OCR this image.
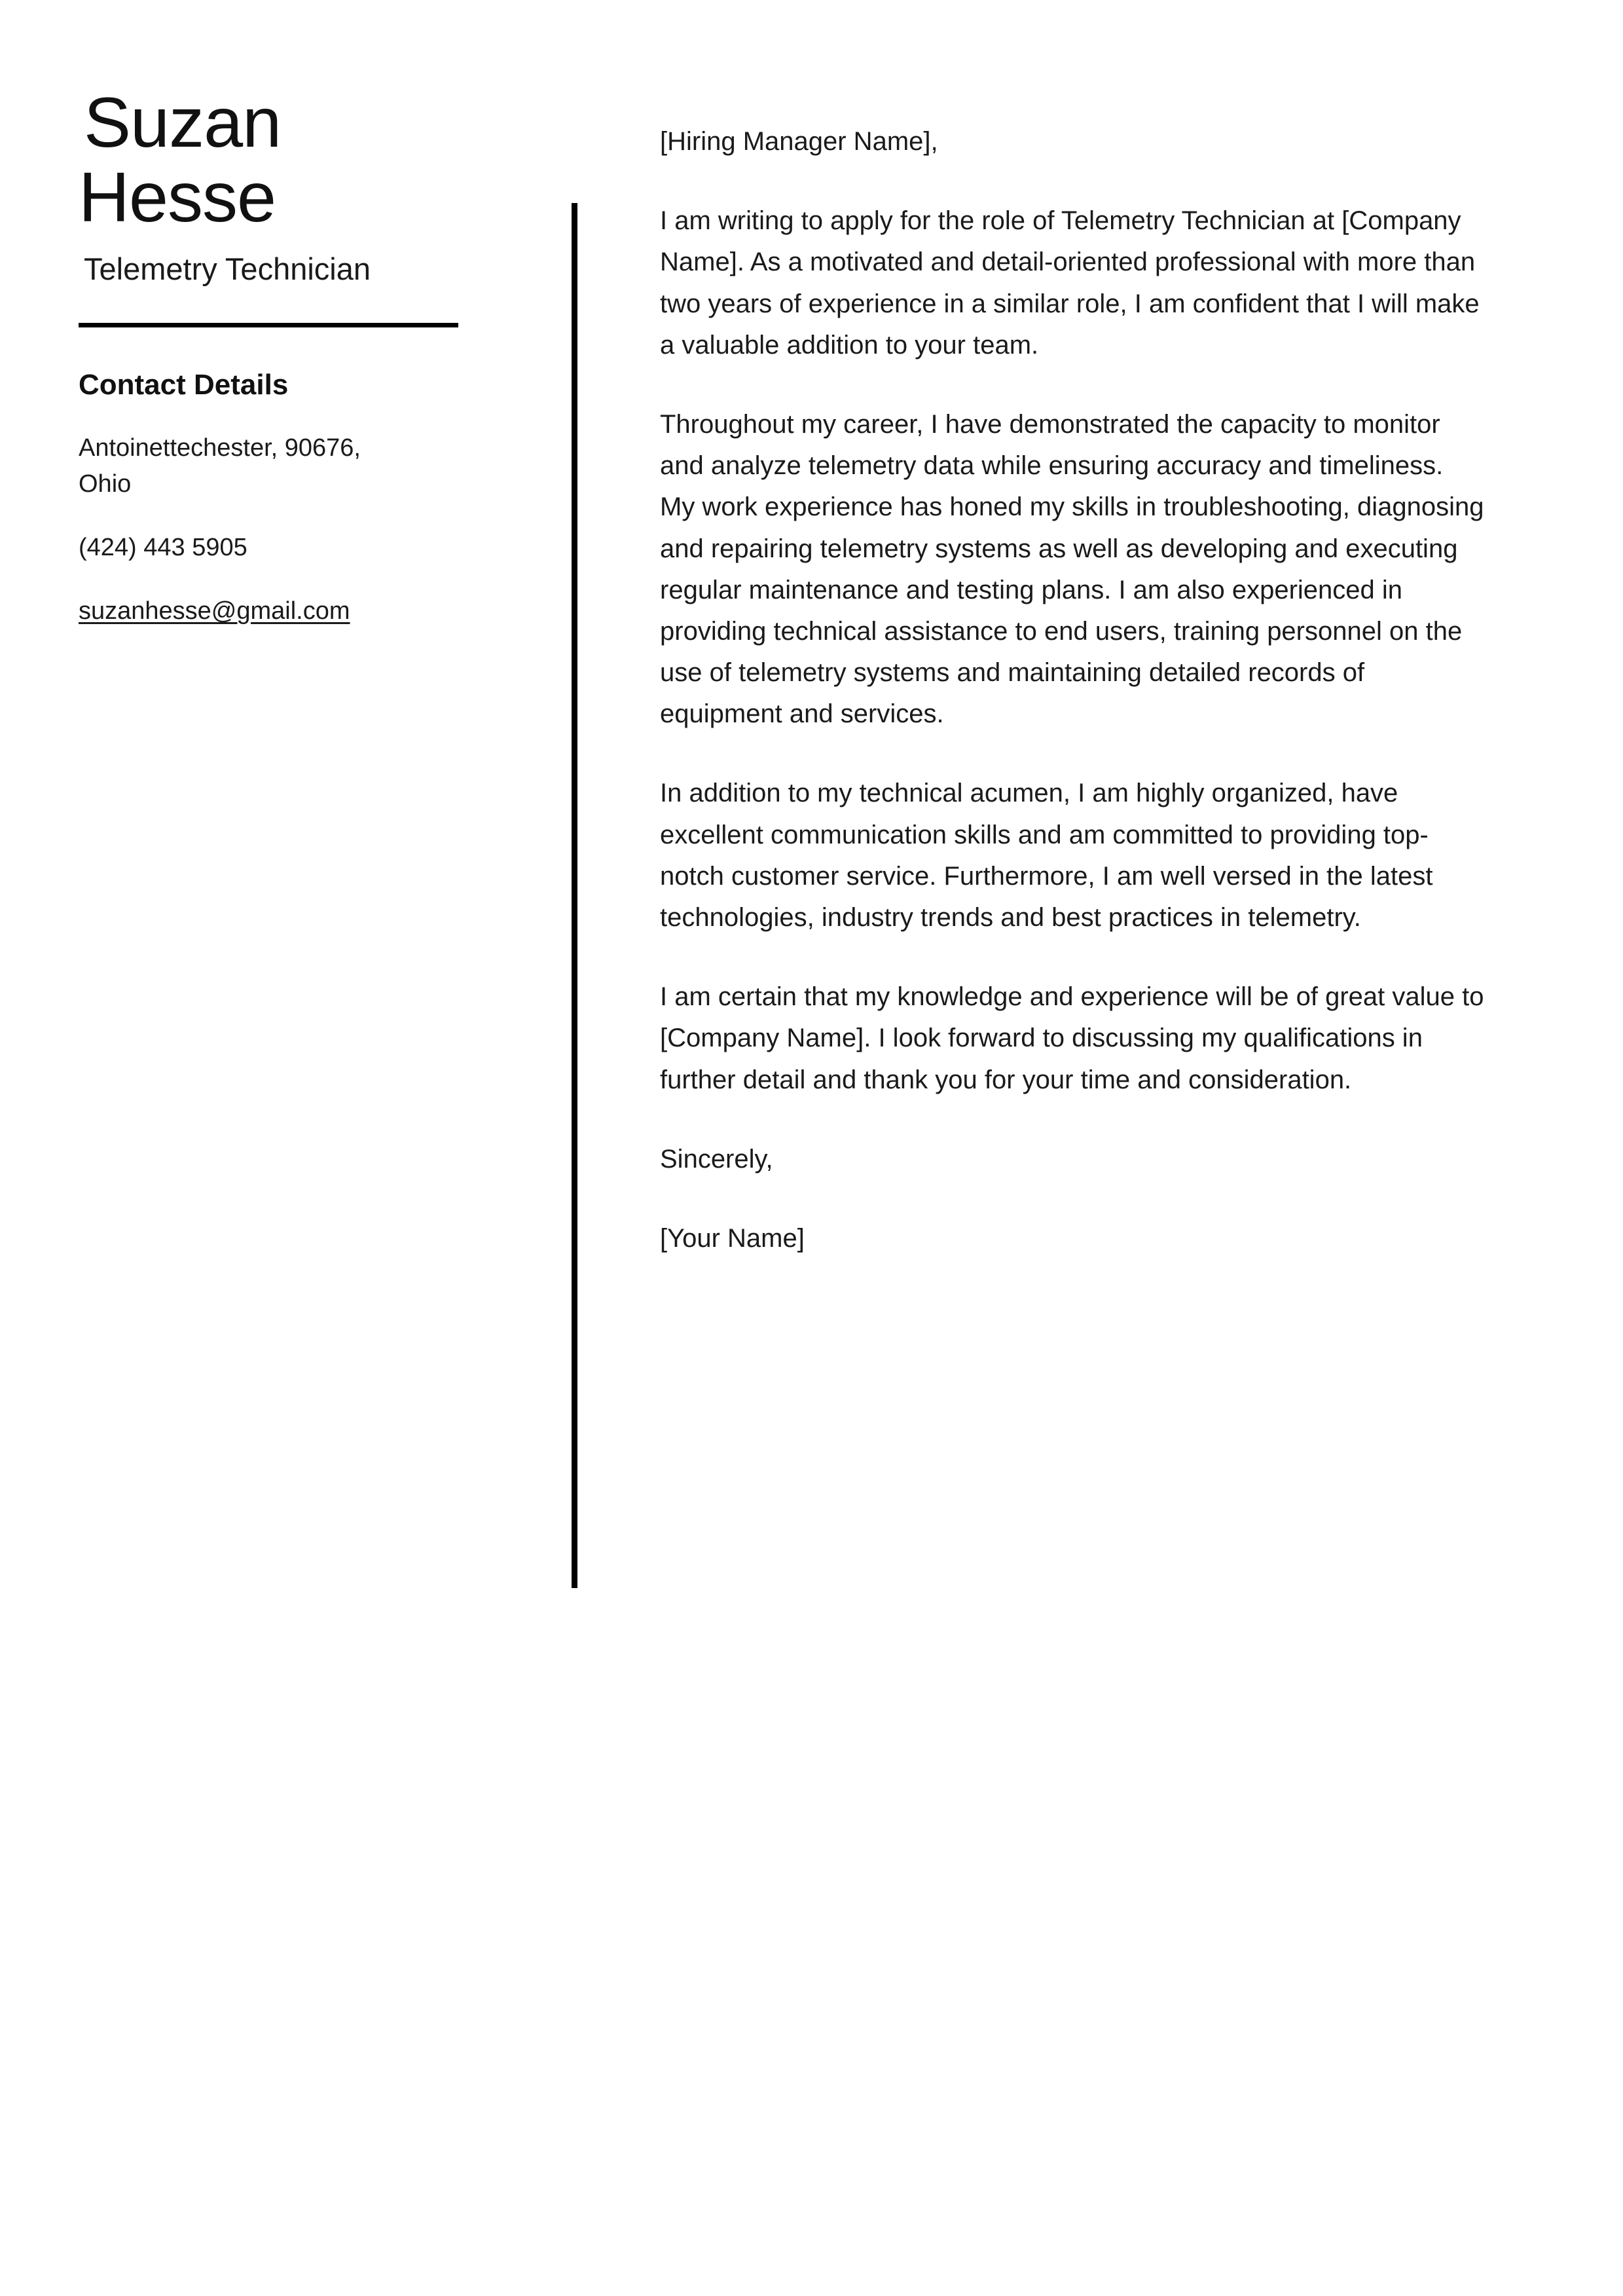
Suzan
Hesse
Telemetry Technician
Contact Details
Antoinettechester, 90676, Ohio
(424) 443 5905
suzanhesse@gmail.com

[Hiring Manager Name],

I am writing to apply for the role of Telemetry Technician at [Company Name]. As a motivated and detail-oriented professional with more than two years of experience in a similar role, I am confident that I will make a valuable addition to your team.

Throughout my career, I have demonstrated the capacity to monitor and analyze telemetry data while ensuring accuracy and timeliness. My work experience has honed my skills in troubleshooting, diagnosing and repairing telemetry systems as well as developing and executing regular maintenance and testing plans. I am also experienced in providing technical assistance to end users, training personnel on the use of telemetry systems and maintaining detailed records of equipment and services.

In addition to my technical acumen, I am highly organized, have excellent communication skills and am committed to providing top-notch customer service. Furthermore, I am well versed in the latest technologies, industry trends and best practices in telemetry.

I am certain that my knowledge and experience will be of great value to [Company Name]. I look forward to discussing my qualifications in further detail and thank you for your time and consideration.

Sincerely,

[Your Name]
